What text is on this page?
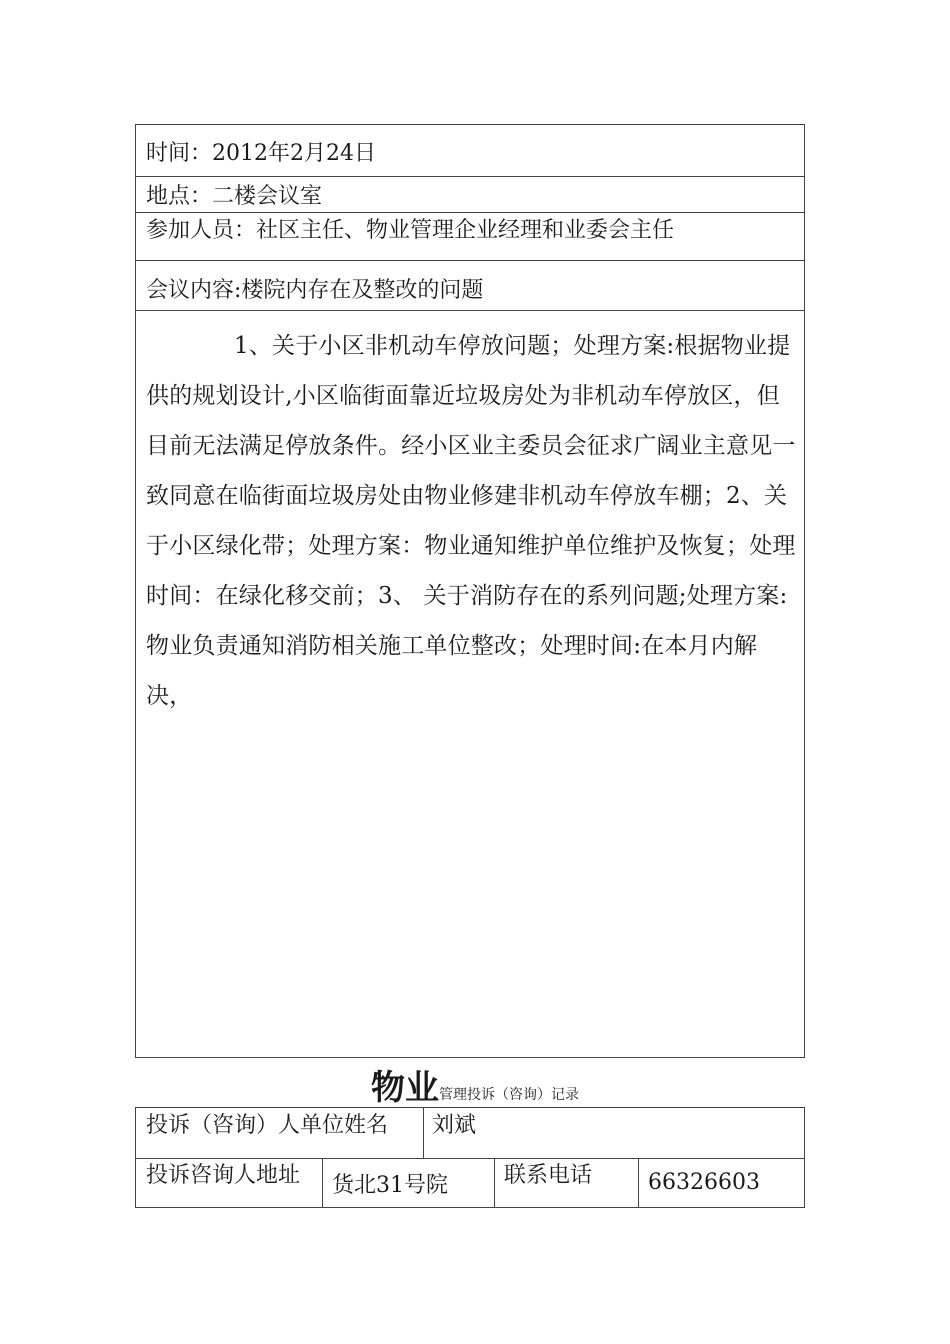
时间：2012年2月24日
地点：二楼会议室
参加人员：社区主任、物业管理企业经理和业委会主任
会议内容:楼院内存在及整改的问题
1、关于小区非机动车停放问题；处理方案:根据物业提供的规划设计,小区临街面靠近垃圾房处为非机动车停放区，但目前无法满足停放条件。经小区业主委员会征求广阔业主意见一致同意在临街面垃圾房处由物业修建非机动车停放车棚；2、关于小区绿化带；处理方案：物业通知维护单位维护及恢复；处理时间：在绿化移交前；3、 关于消防存在的系列问题;处理方案:物业负责通知消防相关施工单位整改；处理时间:在本月内解决，
物业管理投诉（咨询）记录
投诉（咨询）人单位姓名 刘斌
投诉咨询人地址 货北31号院	联系电话	66326603
